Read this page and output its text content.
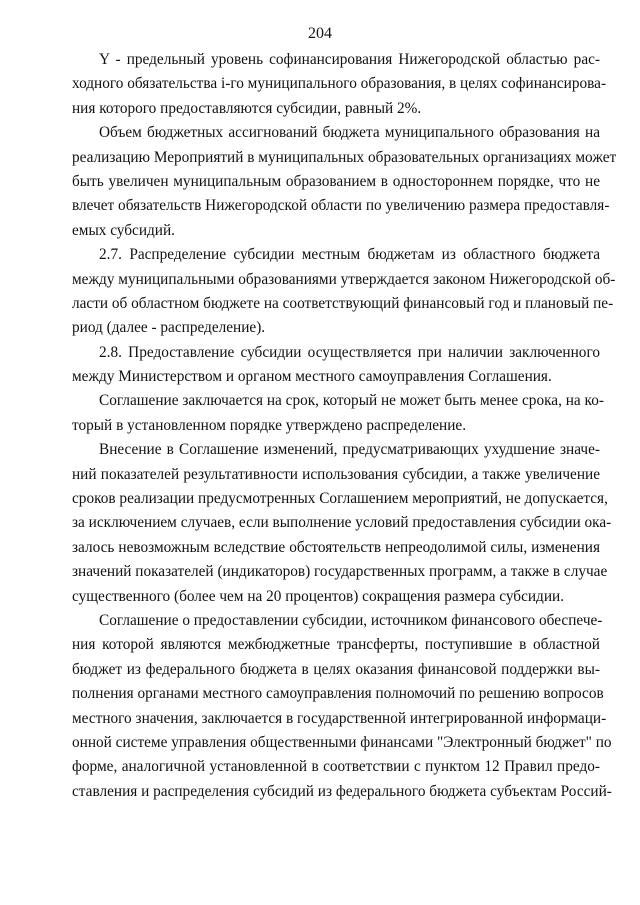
204
Y - предельный уровень софинансирования Нижегородской областью рас-
ходного обязательства i-го муниципального образования, в целях софинансирова-
ния которого предоставляются субсидии, равный 2%.
Объем бюджетных ассигнований бюджета муниципального образования на
реализацию Мероприятий в муниципальных образовательных организациях может
быть увеличен муниципальным образованием в одностороннем порядке, что не
влечет обязательств Нижегородской области по увеличению размера предоставля-
емых субсидий.
2.7. Распределение субсидии местным бюджетам из областного бюджета
между муниципальными образованиями утверждается законом Нижегородской об-
ласти об областном бюджете на соответствующий финансовый год и плановый пе-
риод (далее - распределение).
2.8. Предоставление субсидии осуществляется при наличии заключенного
между Министерством и органом местного самоуправления Соглашения.
Соглашение заключается на срок, который не может быть менее срока, на ко-
торый в установленном порядке утверждено распределение.
Внесение в Соглашение изменений, предусматривающих ухудшение значе-
ний показателей результативности использования субсидии, а также увеличение
сроков реализации предусмотренных Соглашением мероприятий, не допускается,
за исключением случаев, если выполнение условий предоставления субсидии ока-
залось невозможным вследствие обстоятельств непреодолимой силы, изменения
значений показателей (индикаторов) государственных программ, а также в случае
существенного (более чем на 20 процентов) сокращения размера субсидии.
Соглашение о предоставлении субсидии, источником финансового обеспече-
ния которой являются межбюджетные трансферты, поступившие в областной
бюджет из федерального бюджета в целях оказания финансовой поддержки вы-
полнения органами местного самоуправления полномочий по решению вопросов
местного значения, заключается в государственной интегрированной информаци-
онной системе управления общественными финансами "Электронный бюджет" по
форме, аналогичной установленной в соответствии с пунктом 12 Правил предо-
ставления и распределения субсидий из федерального бюджета субъектам Россий-
